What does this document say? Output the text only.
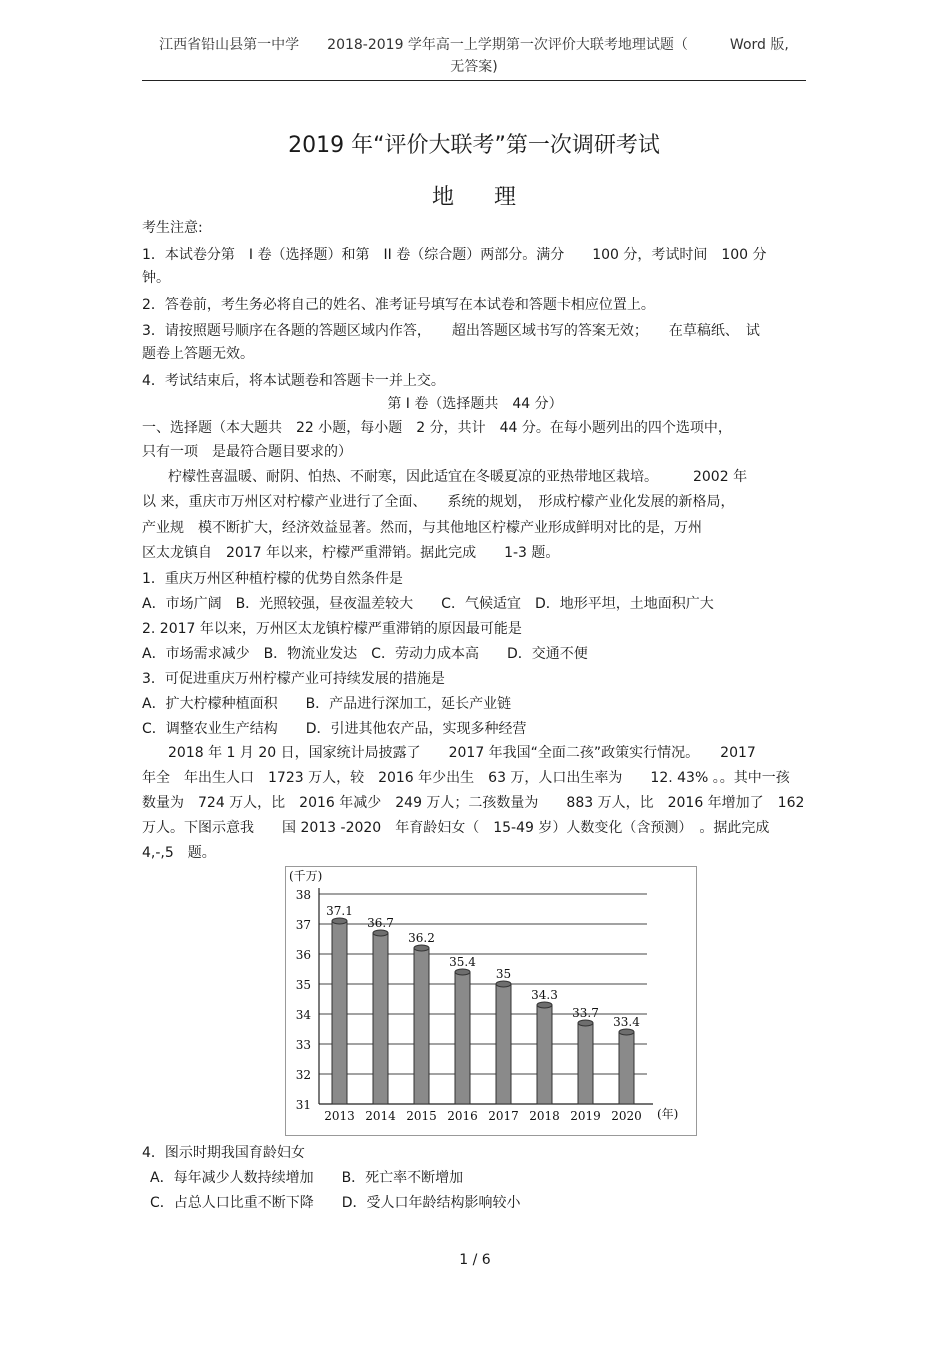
江西省铅山县第一中学　　2018-2019 学年高一上学期第一次评价大联考地理试题（　　　Word 版,
无答案)
2019 年“评价大联考”第一次调研考试
地理
考生注意:
1．本试卷分第　I 卷（选择题）和第　II 卷（综合题）两部分。满分　　100 分，考试时间　100 分
钟。
2．答卷前，考生务必将自己的姓名、准考证号填写在本试卷和答题卡相应位置上。
3．请按照题号顺序在各题的答题区域内作答，　　超出答题区域书写的答案无效；　　在草稿纸、　试
题卷上答题无效。
4．考试结束后，将本试题卷和答题卡一并上交。
第 I 卷（选择题共　44 分）
一、选择题（本大题共　22 小题，每小题　2 分，共计　44 分。在每小题列出的四个选项中，
只有一项　是最符合题目要求的）
柠檬性喜温暖、耐阴、怕热、不耐寒，因此适宜在冬暖夏凉的亚热带地区栽培。　　　2002 年
以 来，重庆市万州区对柠檬产业进行了全面、　　系统的规划，　形成柠檬产业化发展的新格局，
产业规　模不断扩大，经济效益显著。然而，与其他地区柠檬产业形成鲜明对比的是，万州
区太龙镇自　2017 年以来，柠檬严重滞销。据此完成　　1-3 题。
1．重庆万州区种植柠檬的优势自然条件是
A．市场广阔　B．光照较强，昼夜温差较大　　C．气候适宜　D．地形平坦，土地面积广大
2. 2017 年以来，万州区太龙镇柠檬严重滞销的原因最可能是
A．市场需求减少　B．物流业发达　C．劳动力成本高　　D．交通不便
3．可促进重庆万州柠檬产业可持续发展的措施是
A．扩大柠檬种植面积　　B．产品进行深加工，延长产业链
C．调整农业生产结构　　D．引进其他农产品，实现多种经营
2018 年 1 月 20 日，国家统计局披露了　　2017 年我国“全面二孩”政策实行情况。　　2017
年全　年出生人口　1723 万人，较　2016 年少出生　63 万，人口出生率为　　12. 43% 。。其中一孩
数量为　724 万人，比　2016 年减少　249 万人；二孩数量为　　883 万人，比　2016 年增加了　162
万人。下图示意我　　国 2013 -2020　年育龄妇女（　15-49 岁）人数变化（含预测）　。据此完成
4,-,5　题。
31
32
33
34
35
36
37
38
(千万)
(年)
37.1
2013
36.7
2014
36.2
2015
35.4
2016
35
2017
34.3
2018
33.7
2019
33.4
2020
4．图示时期我国育龄妇女
A．每年减少人数持续增加　　B．死亡率不断增加
C．占总人口比重不断下降　　D．受人口年龄结构影响较小
1 / 6
